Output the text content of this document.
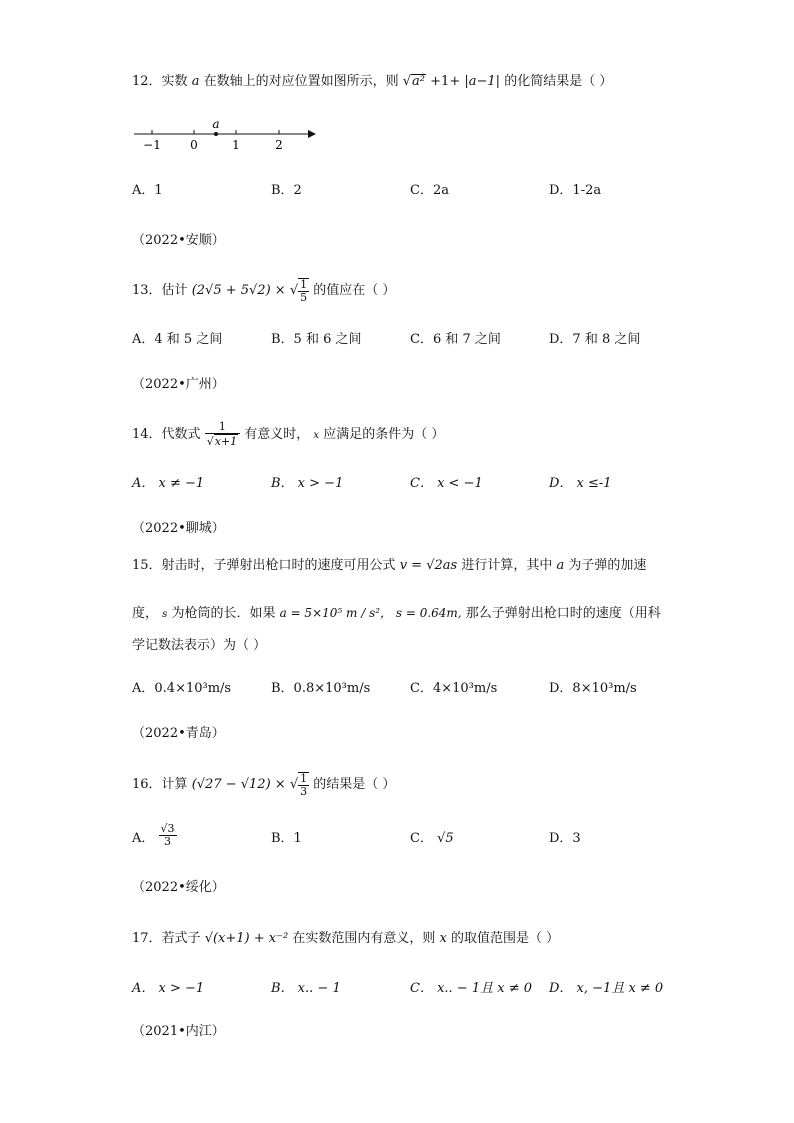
12．实数 a 在数轴上的对应位置如图所示，则 √a² +1+ |a−1| 的化简结果是（ ）
a
−1 0	1	2
A．1	B．2	C．2a	D．1-2a
（2022•安顺）
13．估计 (2√5 + 5√2) × √ $\frac{1}{5}$ 的值应在（ ）
A．4 和 5 之间	B．5 和 6 之间	C．6 和 7 之间	D．7 和 8 之间
（2022•广州）
14．代数式 $\frac{1}{√x+1}$ 有意义时， x 应满足的条件为（ ）
A． x ≠ −1	B． x > −1	C． x < −1	D． x ≤-1
（2022•聊城）
15．射击时，子弹射出枪口时的速度可用公式 v = √2as 进行计算，其中 a 为子弹的加速
度， s 为枪筒的长．如果 a = 5×10⁵ m / s²， s = 0.64m, 那么子弹射出枪口时的速度（用科
学记数法表示）为（ ）
A．0.4×10³m/s	B．0.8×10³m/s	C．4×10³m/s	D．8×10³m/s
（2022•青岛）
16．计算 (√27 − √12) × √ $\frac{1}{3}$ 的结果是（ ）
A． $\frac{√3}{3}$	B．1	C． √5	D．3
（2022•绥化）
17．若式子 √(x+1) + x⁻² 在实数范围内有意义，则 x 的取值范围是（ ）
A． x > −1	B． x.. − 1	C． x.. − 1且 x ≠ 0 D． x, −1且 x ≠ 0
（2021•内江）
